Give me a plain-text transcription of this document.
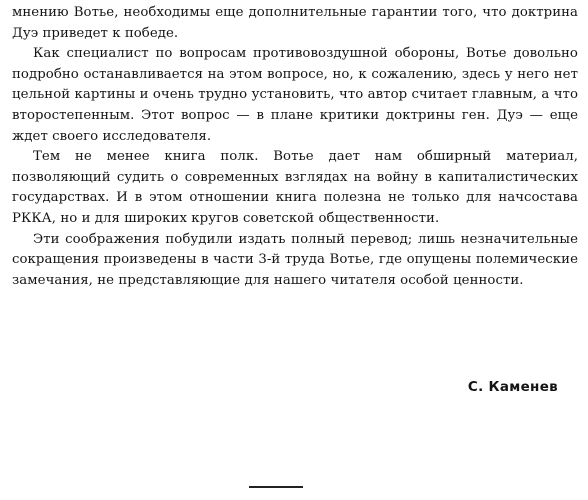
мнению Вотье, необходимы еще дополнительные гарантии того, что доктрина Дуэ приведет к победе.

Как специалист по вопросам противовоздушной обороны, Вотье довольно подробно останавливается на этом вопросе, но, к сожалению, здесь у него нет цельной картины и очень трудно установить, что автор считает главным, а что второстепенным. Этот вопрос — в плане критики доктрины ген. Дуэ — еще ждет своего исследователя.

Тем не менее книга полк. Вотье дает нам обширный материал, позволяющий судить о современных взглядах на войну в капиталистических государствах. И в этом отношении книга полезна не только для начсостава РККА, но и для широких кругов советской общественности.

Эти соображения побудили издать полный перевод; лишь незначительные сокращения произведены в части 3-й труда Вотье, где опущены полемические замечания, не представляющие для нашего читателя особой ценности.

С. Каменев
